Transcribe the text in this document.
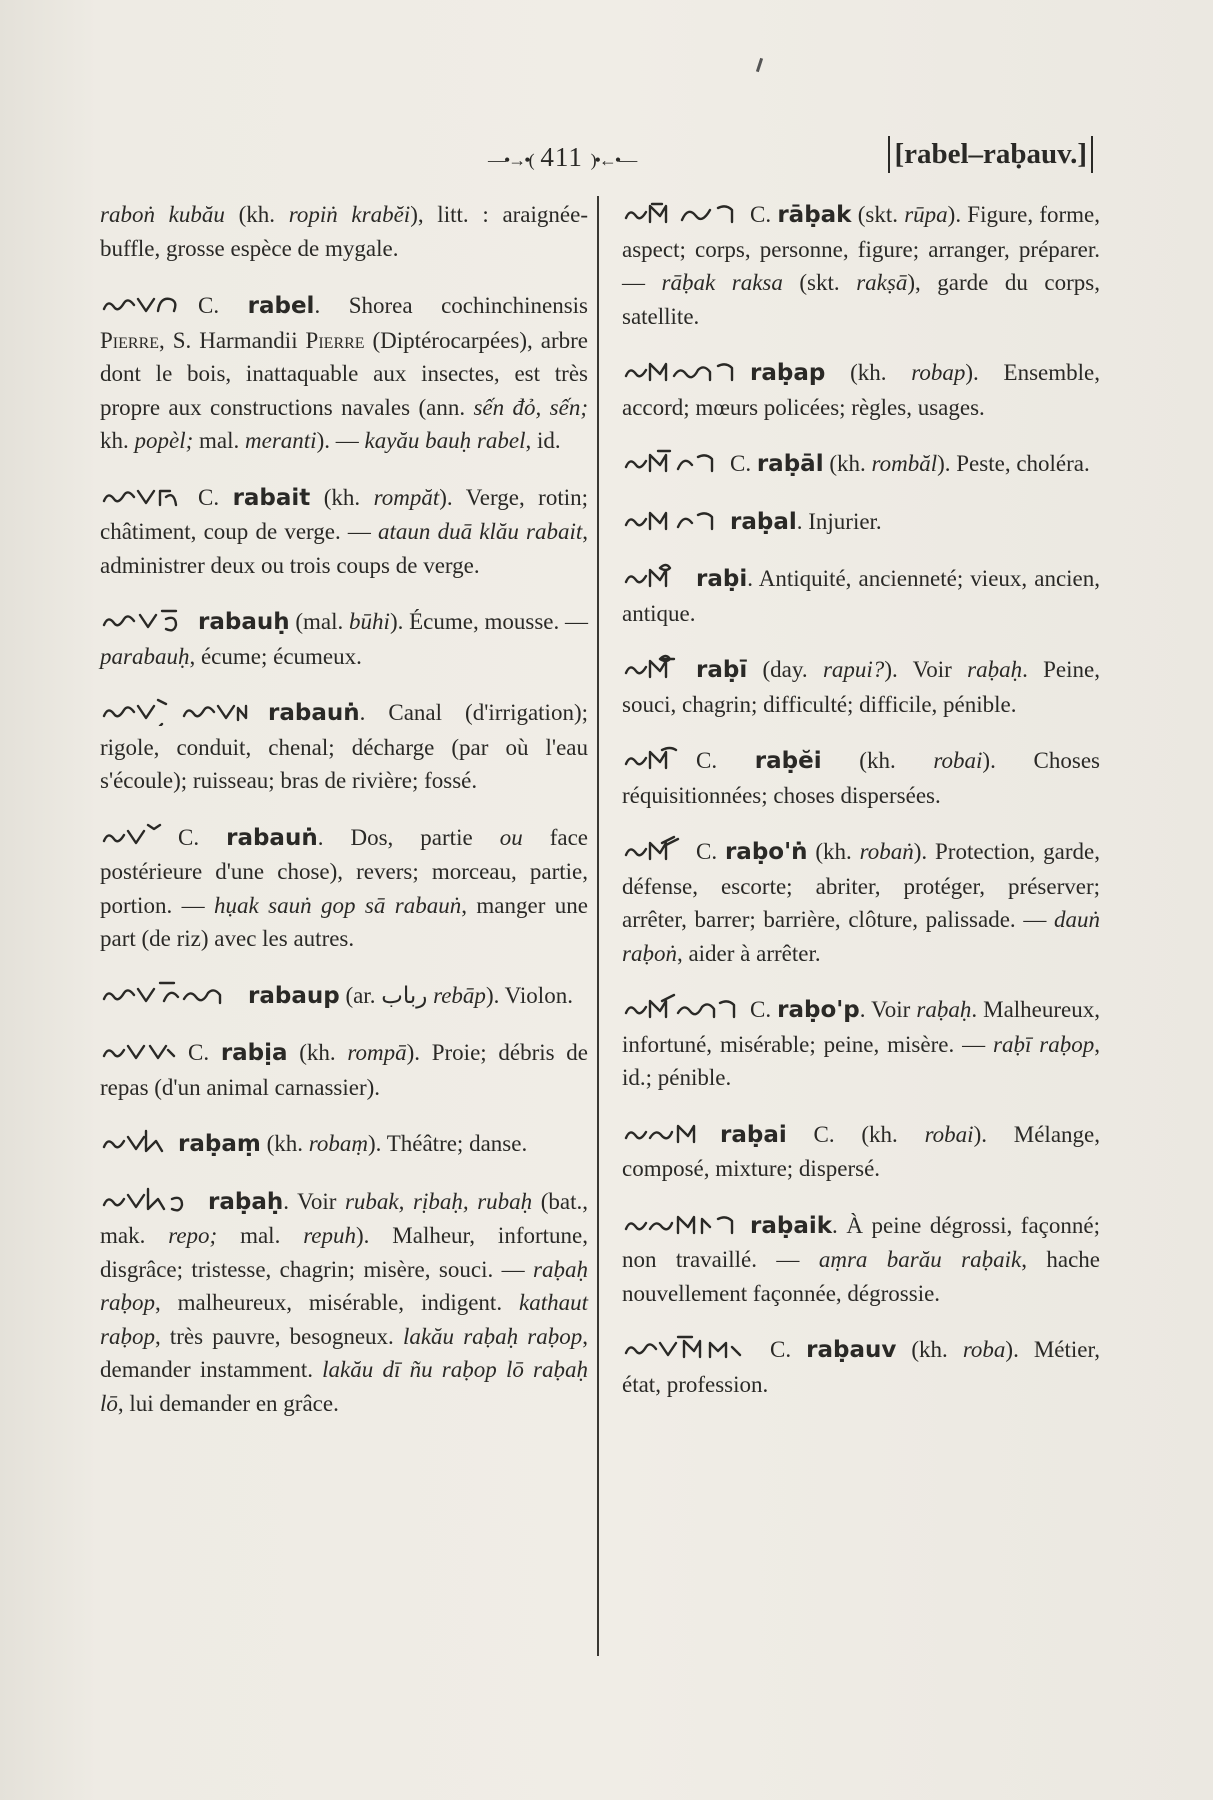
—•→•( 411 )•←•—	[rabel–raḅauv.]

raboṅ kubău (kh. ropiṅ krabĕi), litt. : araignée-buffle, grosse espèce de mygale.

C. rabel. Shorea cochinchinensis Pierre, S. Harmandii Pierre (Diptérocarpées), arbre dont le bois, inattaquable aux insectes, est très propre aux constructions navales (ann. sến đỏ, sến; kh. popèl; mal. meranti). — kayău bauḥ rabel, id.

C. rabait (kh. rompăt). Verge, rotin; châtiment, coup de verge. — ataun duā klău rabait, administrer deux ou trois coups de verge.

rabauḥ (mal. būhi). Écume, mousse. — parabauḥ, écume; écumeux.

rabauṅ. Canal (d'irrigation); rigole, conduit, chenal; décharge (par où l'eau s'écoule); ruisseau; bras de rivière; fossé.

C. rabauṅ. Dos, partie ou face postérieure d'une chose), revers; morceau, partie, portion. — hụak sauṅ gop sā rabauṅ, manger une part (de riz) avec les autres.

rabaup (ar. رباب rebāp). Violon.

C. rabịa (kh. rompā). Proie; débris de repas (d'un animal carnassier).

raḅaṃ (kh. robaṃ). Théâtre; danse.

raḅaḥ. Voir rubak, rịbaḥ, rubaḥ (bat., mak. repo; mal. repuh). Malheur, infortune, disgrâce; tristesse, chagrin; misère, souci. — raḅaḥ raḅop, malheureux, misérable, indigent. kathaut raḅop, très pauvre, besogneux. lakău raḅaḥ raḅop, demander instamment. lakău dī ñu raḅop lō raḅaḥ lō, lui demander en grâce.

C. rāḅak (skt. rūpa). Figure, forme, aspect; corps, personne, figure; arranger, préparer. — rāḅak raksa (skt. rakṣā), garde du corps, satellite.

raḅap (kh. robap). Ensemble, accord; mœurs policées; règles, usages.

C. raḅāl (kh. rombăl). Peste, choléra.

raḅal. Injurier.

raḅi. Antiquité, ancienneté; vieux, ancien, antique.

raḅī (day. rapui?). Voir raḅaḥ. Peine, souci, chagrin; difficulté; difficile, pénible.

C. raḅĕi (kh. robai). Choses réquisitionnées; choses dispersées.

C. raḅo'ṅ (kh. robaṅ). Protection, garde, défense, escorte; abriter, protéger, préserver; arrêter, barrer; barrière, clôture, palissade. — dauṅ raḅoṅ, aider à arrêter.

C. raḅo'p. Voir raḅaḥ. Malheureux, infortuné, misérable; peine, misère. — raḅī raḅop, id.; pénible.

raḅai C. (kh. robai). Mélange, composé, mixture; dispersé.

raḅaik. À peine dégrossi, façonné; non travaillé. — aṃra barău raḅaik, hache nouvellement façonnée, dégrossie.

C. raḅauv (kh. roba). Métier, état, profession.
